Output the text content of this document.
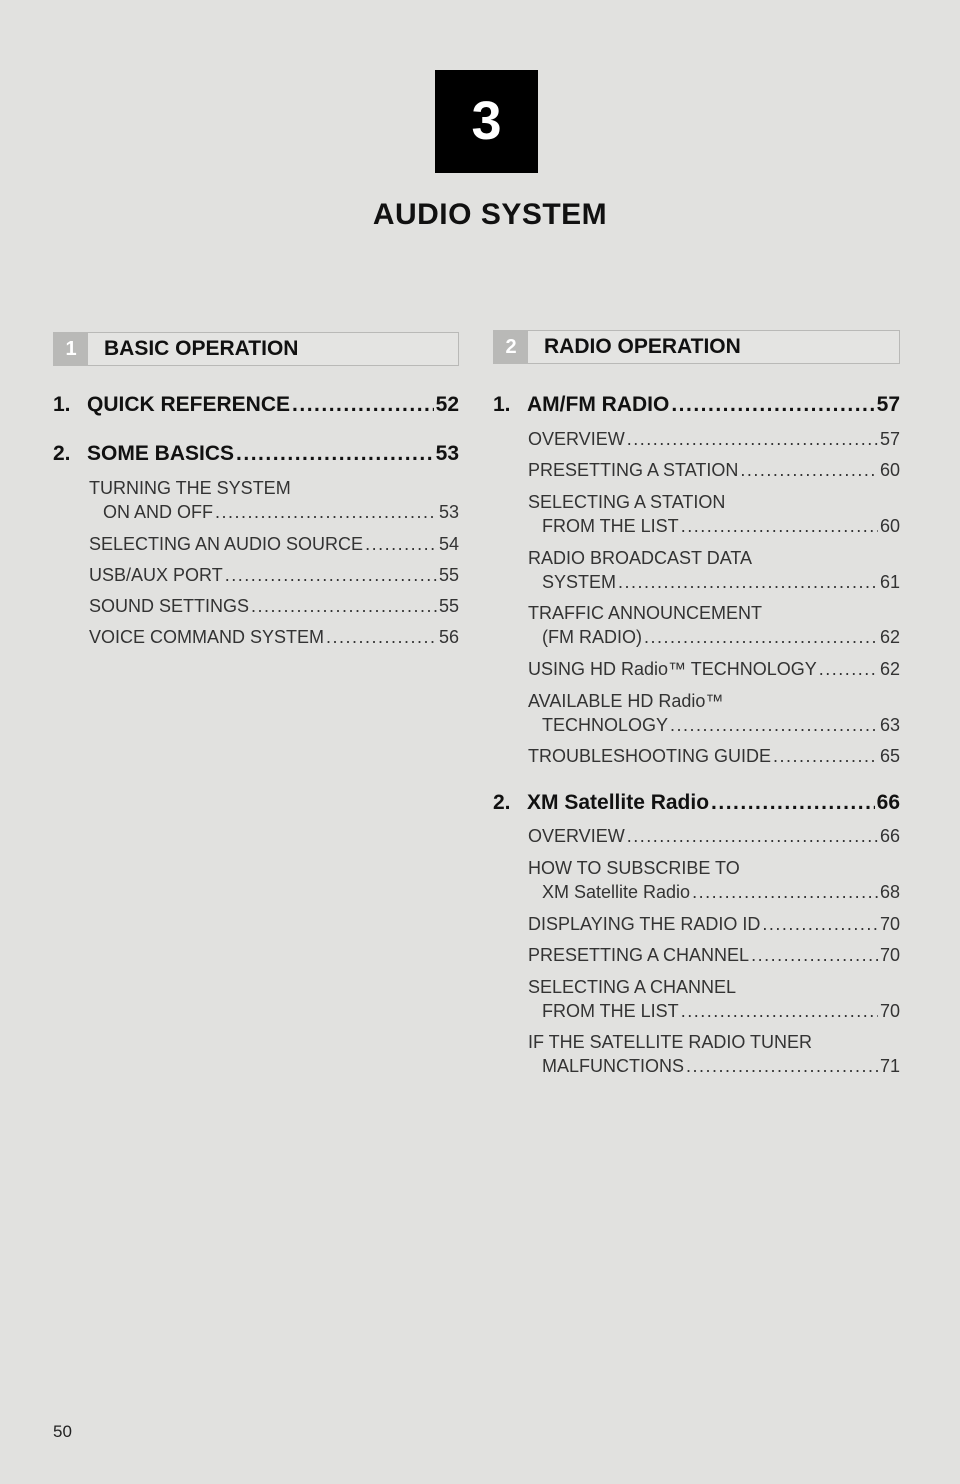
3
AUDIO SYSTEM
1	BASIC OPERATION	2	RADIO OPERATION
1. QUICK REFERENCE .....	52
2. SOME BASICS .....	53
TURNING THE SYSTEM
ON AND OFF .....	53
SELECTING AN AUDIO SOURCE .....	54
USB/AUX PORT .....	55
SOUND SETTINGS .....	55
VOICE COMMAND SYSTEM .....	56
1. AM/FM RADIO .....	57
OVERVIEW .....	57
PRESETTING A STATION .....	60
SELECTING A STATION
FROM THE LIST .....	60
RADIO BROADCAST DATA
SYSTEM .....	61
TRAFFIC ANNOUNCEMENT
(FM RADIO) .....	62
USING HD Radio™ TECHNOLOGY .....	62
AVAILABLE HD Radio™
TECHNOLOGY .....	63
TROUBLESHOOTING GUIDE .....	65
2. XM Satellite Radio .....	66
OVERVIEW .....	66
HOW TO SUBSCRIBE TO
XM Satellite Radio .....	68
DISPLAYING THE RADIO ID .....	70
PRESETTING A CHANNEL .....	70
SELECTING A CHANNEL
FROM THE LIST .....	70
IF THE SATELLITE RADIO TUNER
MALFUNCTIONS .....	71
50
